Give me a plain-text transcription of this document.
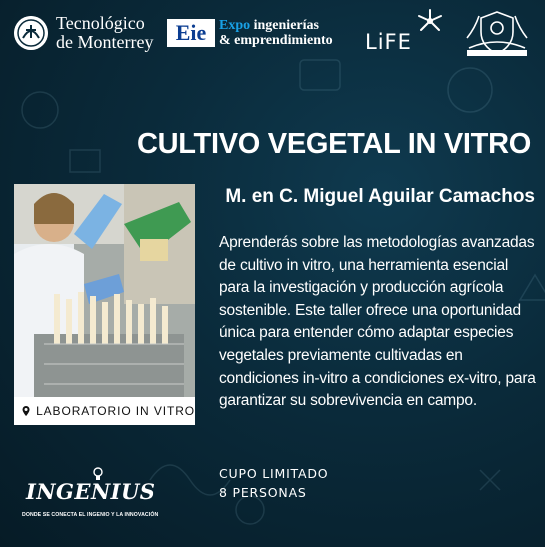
Tecnológico
de Monterrey	Eie Expo ingenierías
& emprendimiento LiFE
CULTIVO VEGETAL IN VITRO
LABORATORIO IN VITRO
M. en C. Miguel Aguilar Camachos
Aprenderás sobre las metodologías avanzadas de cultivo in vitro, una herramienta esencial para la investigación y producción agrícola sostenible. Este taller ofrece una oportunidad única para entender cómo adaptar especies vegetales previamente cultivadas en condiciones in-vitro a condiciones ex-vitro, para garantizar su sobrevivencia en campo.
CUPO LIMITADO
8 PERSONAS
INGENIUS
DONDE SE CONECTA EL INGENIO Y LA INNOVACIÓN
